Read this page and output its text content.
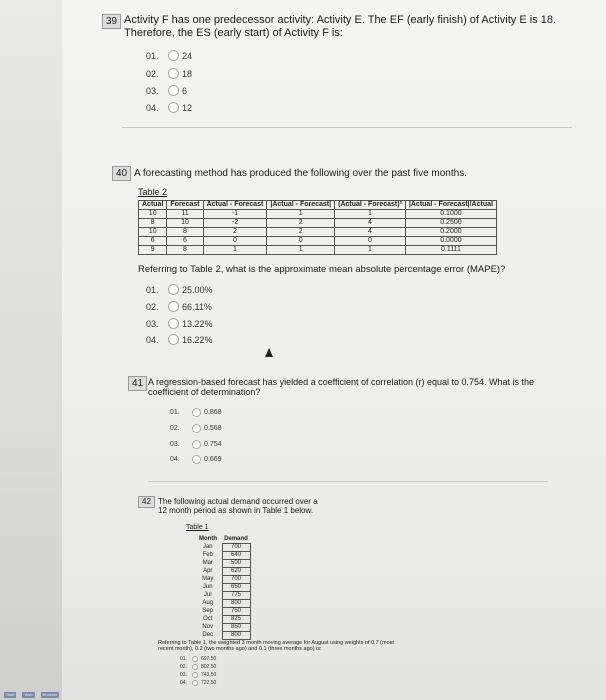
39 Activity F has one predecessor activity: Activity E. The EF (early finish) of Activity E is 18.
Therefore, the ES (early start) of Activity F is:
01.	24
02.	18
03.	6
04.	12
40 A forecasting method has produced the following over the past five months.
Table 2
Actual	Forecast	Actual - Forecast	|Actual - Forecast|	(Actual - Forecast)²	|Actual - Forecast|/Actual
10	11	-1	1	1	0.1000
8	10	-2	2	4	0.2500
10	8	2	2	4	0.2000
6	6	0	0	0	0.0000
9	8	1	1	1	0.1111
Referring to Table 2, what is the approximate mean absolute percentage error (MAPE)?
01.	25.00%
02.	66.11%
03.	13.22%
04.	16.22%
41 A regression-based forecast has yielded a coefficient of correlation (r) equal to 0.754. What is the
coefficient of determination?
01.	0.868
02.	0.568
03.	0.754
04.	0.669
42 The following actual demand occurred over a
12 month period as shown in Table 1 below.
Table 1
Month	Demand
Jan	700
Feb	640
Mar	500
Apr	620
May	700
Jun	650
Jul	775
Aug	800
Sep	750
Oct	825
Nov	850
Dec	800
Referring to Table 1, the weighted 3 month moving average for August using weights of 0.7 (most
recent month), 0.2 (two months ago) and 0.1 (three months ago) is:
01.	697.50
02.	802.50
03.	743.50
04.	722.50
Start	Web	Browser
